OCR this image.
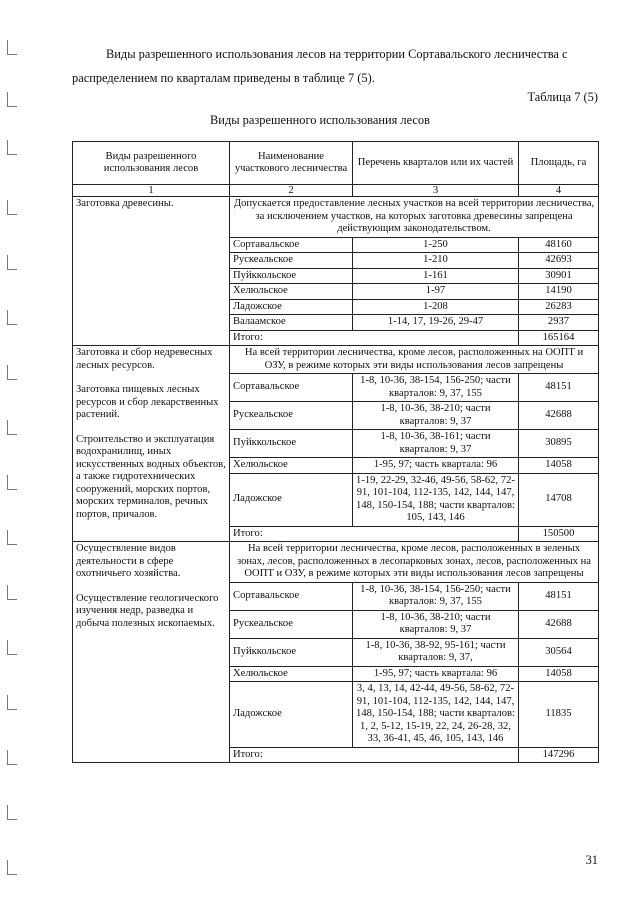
Виды разрешенного использования лесов на территории Сортавальского лесничества с распределением по кварталам приведены в таблице 7 (5).

Таблица 7 (5)
Виды разрешенного использования лесов
Виды разрешенного использования лесов	Наименование участкового лесничества	Перечень кварталов или их частей	Площадь, га
1	2	3	4

Заготовка древесины.	Допускается предоставление лесных участков на всей территории лесничества, за исключением участков, на которых заготовка древесины запрещена действующим законодательством.		
	Сортавальское	1-250	48160
	Рускеальское	1-210	42693
	Пуйккольское	1-161	30901
	Хелюльское	1-97	14190
	Ладожское	1-208	26283
	Валаамское	1-14, 17, 19-26, 29-47	2937
	Итого:		165164

Заготовка и сбор недревесных лесных ресурсов.

Заготовка пищевых лесных ресурсов и сбор лекарственных растений.

Строительство и эксплуатация водохранилищ, иных искусственных водных объектов, а также гидротехнических сооружений, морских портов, морских терминалов, речных портов, причалов.	На всей территории лесничества, кроме лесов, расположенных на ООПТ и ОЗУ, в режиме которых эти виды использования лесов запрещены		
	Сортавальское	1-8, 10-36, 38-154, 156-250; части кварталов: 9, 37, 155	48151
	Рускеальское	1-8, 10-36, 38-210; части кварталов: 9, 37	42688
	Пуйккольское	1-8, 10-36, 38-161; части кварталов: 9, 37	30895
	Хелюльское	1-95, 97; часть квартала: 96	14058
	Ладожское	1-19, 22-29, 32-46, 49-56, 58-62, 72-91, 101-104, 112-135, 142, 144, 147, 148, 150-154, 188; части кварталов: 105, 143, 146	14708
	Итого:		150500

Осуществление видов деятельности в сфере охотничьего хозяйства.

Осуществление геологического изучения недр, разведка и добыча полезных ископаемых.	На всей территории лесничества, кроме лесов, расположенных в зеленых зонах, лесов, расположенных в лесопарковых зонах, лесов, расположенных на ООПТ и ОЗУ, в режиме которых эти виды использования лесов запрещены		
	Сортавальское	1-8, 10-36, 38-154, 156-250; части кварталов: 9, 37, 155	48151
	Рускеальское	1-8, 10-36, 38-210; части кварталов: 9, 37	42688
	Пуйккольское	1-8, 10-36, 38-92, 95-161; части кварталов: 9, 37,	30564
	Хелюльское	1-95, 97; часть квартала: 96	14058
	Ладожское	3, 4, 13, 14, 42-44, 49-56, 58-62, 72-91, 101-104, 112-135, 142, 144, 147, 148, 150-154, 188; части кварталов: 1, 2, 5-12, 15-19, 22, 24, 26-28, 32, 33, 36-41, 45, 46, 105, 143, 146	11835
	Итого:		147296
31
